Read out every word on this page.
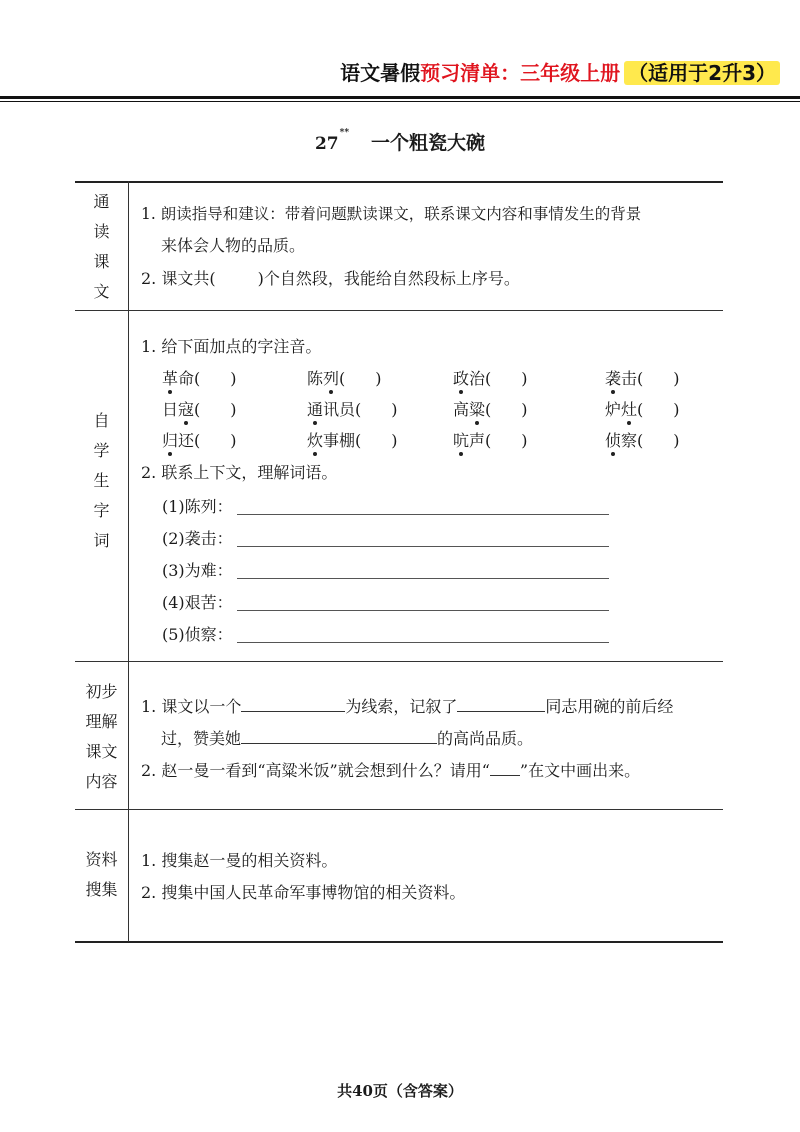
语文暑假预习清单：三年级上册 （适用于2升3）
27** 一个粗瓷大碗
通
读
课
文
1. 朗读指导和建议：带着问题默读课文，联系课文内容和事情发生的背景
来体会人物的品质。
2. 课文共(	)个自然段，我能给自然段标上序号。
自
学
生
字
词
1. 给下面加点的字注音。
革命( )	陈列( )	政治( )	袭击( )
日寇( )	通讯员( )	高粱( )	炉灶( )
归还( )	炊事棚( )	吭声( )	侦察( )
2. 联系上下文，理解词语。
(1)陈列：
(2)袭击：
(3)为难：
(4)艰苦：
(5)侦察：
初步
理解
课文
内容
1. 课文以一个	为线索，记叙了	同志用碗的前后经
过，赞美她	的高尚品质。
2. 赵一曼一看到“高粱米饭”就会想到什么？请用“ ”在文中画出来。
资料
搜集
1. 搜集赵一曼的相关资料。
2. 搜集中国人民革命军事博物馆的相关资料。
共40页（含答案）
